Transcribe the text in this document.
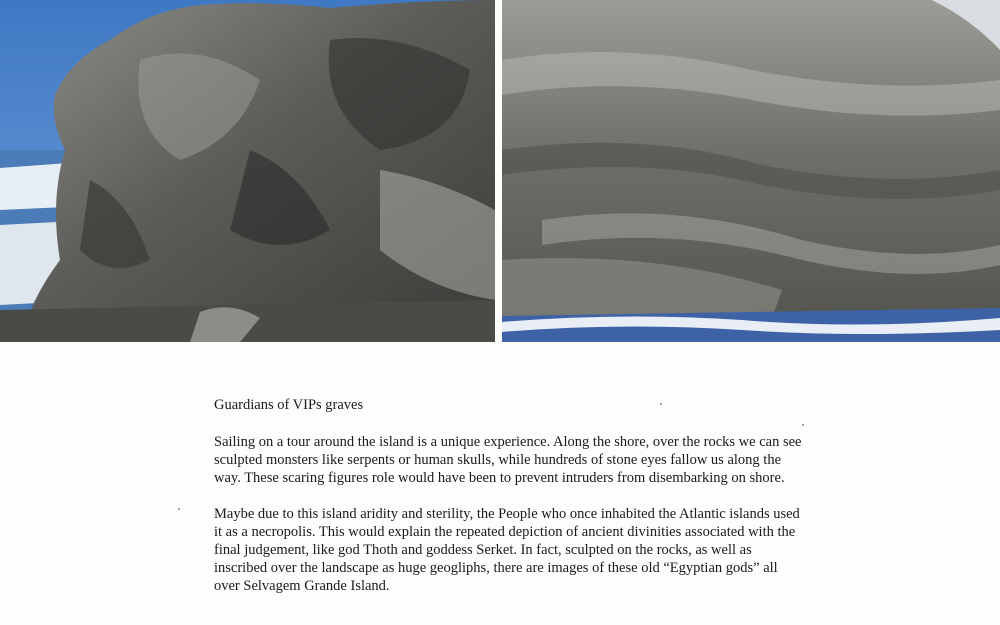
Guardians of VIPs graves

Sailing on a tour around the island is a unique experience. Along the shore, over the rocks we can see sculpted monsters like serpents or human skulls, while hundreds of stone eyes fallow us along the way. These scaring figures role would have been to prevent intruders from disembarking on shore.

Maybe due to this island aridity and sterility, the People who once inhabited the Atlantic islands used it as a necropolis. This would explain the repeated depiction of ancient divinities associated with the final judgement, like god Thoth and goddess Serket. In fact, sculpted on the rocks, as well as inscribed over the landscape as huge geogliphs, there are images of these old “Egyptian gods” all over Selvagem Grande Island.
